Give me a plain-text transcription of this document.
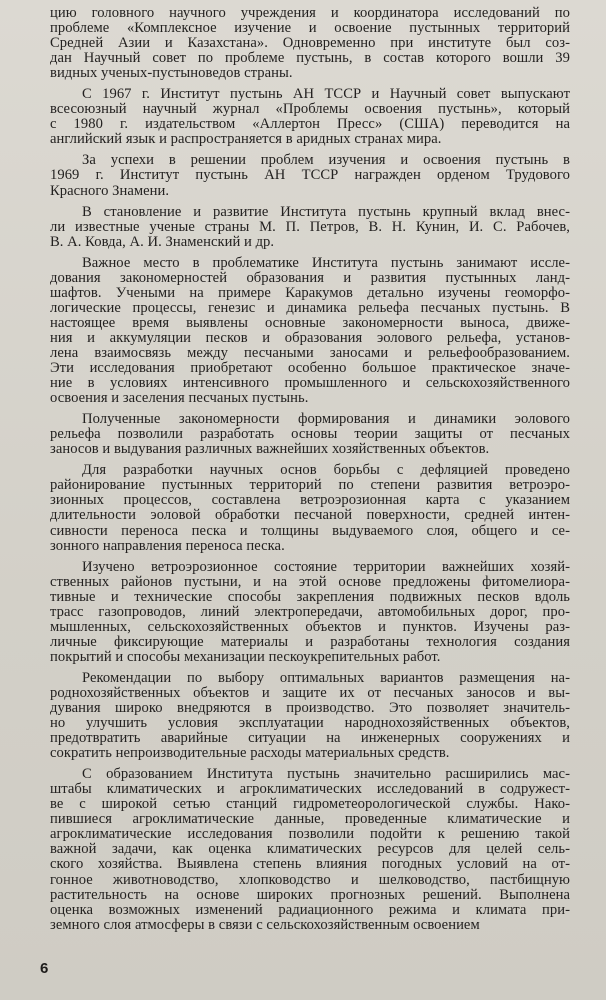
цию головного научного учреждения и координатора исследований по
проблеме «Комплексное изучение и освоение пустынных территорий
Средней Азии и Казахстана». Одновременно при институте был соз-
дан Научный совет по проблеме пустынь, в состав которого вошли 39
видных ученых-пустыноведов страны.
С 1967 г. Институт пустынь АН ТССР и Научный совет выпускают
всесоюзный научный журнал «Проблемы освоения пустынь», который
с 1980 г. издательством «Аллертон Пресс» (США) переводится на
английский язык и распространяется в аридных странах мира.
За успехи в решении проблем изучения и освоения пустынь в
1969 г. Институт пустынь АН ТССР награжден орденом Трудового
Красного Знамени.
В становление и развитие Института пустынь крупный вклад внес-
ли известные ученые страны М. П. Петров, В. Н. Кунин, И. С. Рабочев,
В. А. Ковда, А. И. Знаменский и др.
Важное место в проблематике Института пустынь занимают иссле-
дования закономерностей образования и развития пустынных ланд-
шафтов. Учеными на примере Каракумов детально изучены геоморфо-
логические процессы, генезис и динамика рельефа песчаных пустынь. В
настоящее время выявлены основные закономерности выноса, движе-
ния и аккумуляции песков и образования эолового рельефа, установ-
лена взаимосвязь между песчаными заносами и рельефообразованием.
Эти исследования приобретают особенно большое практическое значе-
ние в условиях интенсивного промышленного и сельскохозяйственного
освоения и заселения песчаных пустынь.
Полученные закономерности формирования и динамики эолового
рельефа позволили разработать основы теории защиты от песчаных
заносов и выдувания различных важнейших хозяйственных объектов.
Для разработки научных основ борьбы с дефляцией проведено
районирование пустынных территорий по степени развития ветроэро-
зионных процессов, составлена ветроэрозионная карта с указанием
длительности эоловой обработки песчаной поверхности, средней интен-
сивности переноса песка и толщины выдуваемого слоя, общего и се-
зонного направления переноса песка.
Изучено ветроэрозионное состояние территории важнейших хозяй-
ственных районов пустыни, и на этой основе предложены фитомелиора-
тивные и технические способы закрепления подвижных песков вдоль
трасс газопроводов, линий электропередачи, автомобильных дорог, про-
мышленных, сельскохозяйственных объектов и пунктов. Изучены раз-
личные фиксирующие материалы и разработаны технология создания
покрытий и способы механизации пескоукрепительных работ.
Рекомендации по выбору оптимальных вариантов размещения на-
роднохозяйственных объектов и защите их от песчаных заносов и вы-
дувания широко внедряются в производство. Это позволяет значитель-
но улучшить условия эксплуатации народнохозяйственных объектов,
предотвратить аварийные ситуации на инженерных сооружениях и
сократить непроизводительные расходы материальных средств.
С образованием Института пустынь значительно расширились мас-
штабы климатических и агроклиматических исследований в содружест-
ве с широкой сетью станций гидрометеорологической службы. Нако-
пившиеся агроклиматические данные, проведенные климатические и
агроклиматические исследования позволили подойти к решению такой
важной задачи, как оценка климатических ресурсов для целей сель-
ского хозяйства. Выявлена степень влияния погодных условий на от-
гонное животноводство, хлопководство и шелководство, пастбищную
растительность на основе широких прогнозных решений. Выполнена
оценка возможных изменений радиационного режима и климата при-
земного слоя атмосферы в связи с сельскохозяйственным освоением
6
